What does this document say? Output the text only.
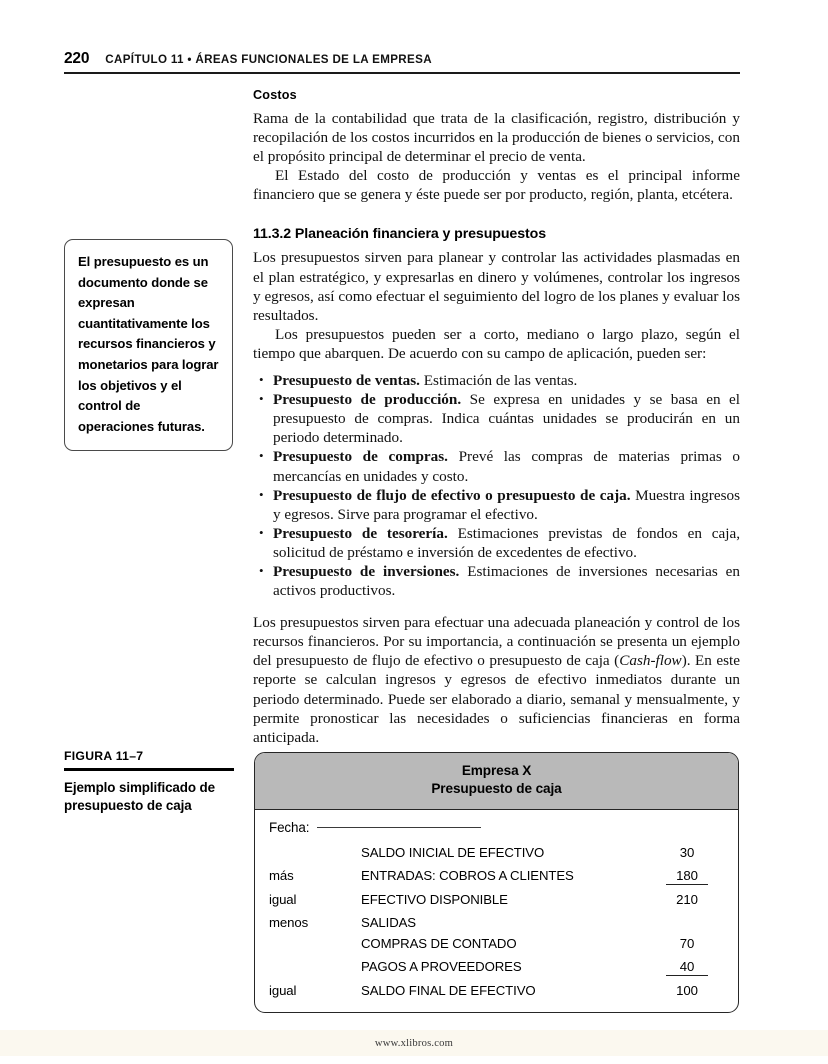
220 CAPÍTULO 11 • ÁREAS FUNCIONALES DE LA EMPRESA

El presupuesto es un documento donde se expresan cuantitativamente los recursos financieros y monetarios para lograr los objetivos y el control de operaciones futuras.

Costos

Rama de la contabilidad que trata de la clasificación, registro, distribución y recopilación de los costos incurridos en la producción de bienes o servicios, con el propósito principal de determinar el precio de venta.

El Estado del costo de producción y ventas es el principal informe financiero que se genera y éste puede ser por producto, región, planta, etcétera.

11.3.2 Planeación financiera y presupuestos

Los presupuestos sirven para planear y controlar las actividades plasmadas en el plan estratégico, y expresarlas en dinero y volúmenes, controlar los ingresos y egresos, así como efectuar el seguimiento del logro de los planes y evaluar los resultados.

Los presupuestos pueden ser a corto, mediano o largo plazo, según el tiempo que abarquen. De acuerdo con su campo de aplicación, pueden ser:

• Presupuesto de ventas. Estimación de las ventas.
• Presupuesto de producción. Se expresa en unidades y se basa en el presupuesto de compras. Indica cuántas unidades se producirán en un periodo determinado.
• Presupuesto de compras. Prevé las compras de materias primas o mercancías en unidades y costo.
• Presupuesto de flujo de efectivo o presupuesto de caja. Muestra ingresos y egresos. Sirve para programar el efectivo.
• Presupuesto de tesorería. Estimaciones previstas de fondos en caja, solicitud de préstamo e inversión de excedentes de efectivo.
• Presupuesto de inversiones. Estimaciones de inversiones necesarias en activos productivos.

Los presupuestos sirven para efectuar una adecuada planeación y control de los recursos financieros. Por su importancia, a continuación se presenta un ejemplo del presupuesto de flujo de efectivo o presupuesto de caja (Cash-flow). En este reporte se calculan ingresos y egresos de efectivo inmediatos durante un periodo determinado. Puede ser elaborado a diario, semanal y mensualmente, y permite pronosticar las necesidades o suficiencias financieras en forma anticipada.

FIGURA 11–7
Ejemplo simplificado de presupuesto de caja
Empresa X
Presupuesto de caja
Fecha:
	SALDO INICIAL DE EFECTIVO	30
más	ENTRADAS: COBROS A CLIENTES	180
igual	EFECTIVO DISPONIBLE	210
menos	SALIDAS	
	COMPRAS DE CONTADO	70
	PAGOS A PROVEEDORES	40
igual	SALDO FINAL DE EFECTIVO	100
www.xlibros.com
